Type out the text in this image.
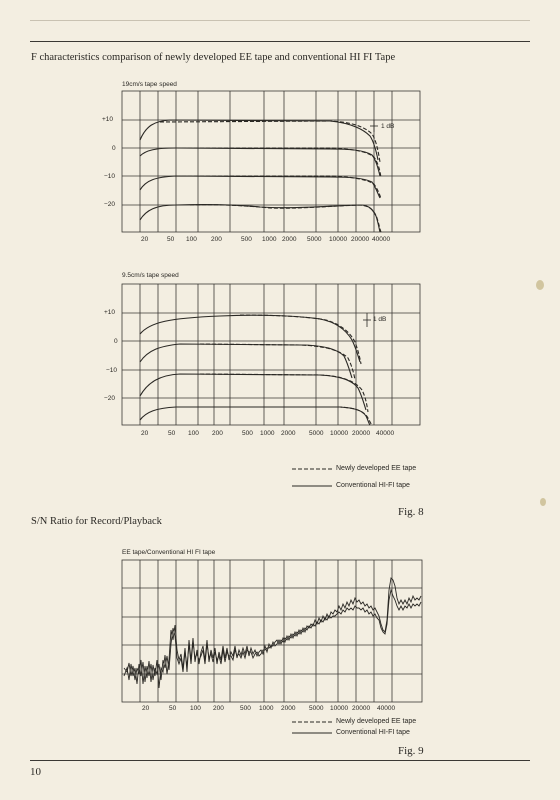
F characteristics comparison of newly developed EE tape and conventional HI FI Tape
19cm/s tape speed
+10
0
−10
−20
1 dB
20	50 100 200	500 1000 2000 5000 10000 20000 40000
9.5cm/s tape speed
+10
0
−10
−20
1 dB
20	50 100 200	500 1000 2000 5000 10000 20000 40000
Newly developed EE tape
Conventional HI-FI tape
Fig. 8
S/N Ratio for Record/Playback
EE tape/Conventional HI FI tape
20	50 100 200 500 1000 2000 5000 10000 20000 40000
Newly developed EE tape
Conventional HI-FI tape
Fig. 9
10
